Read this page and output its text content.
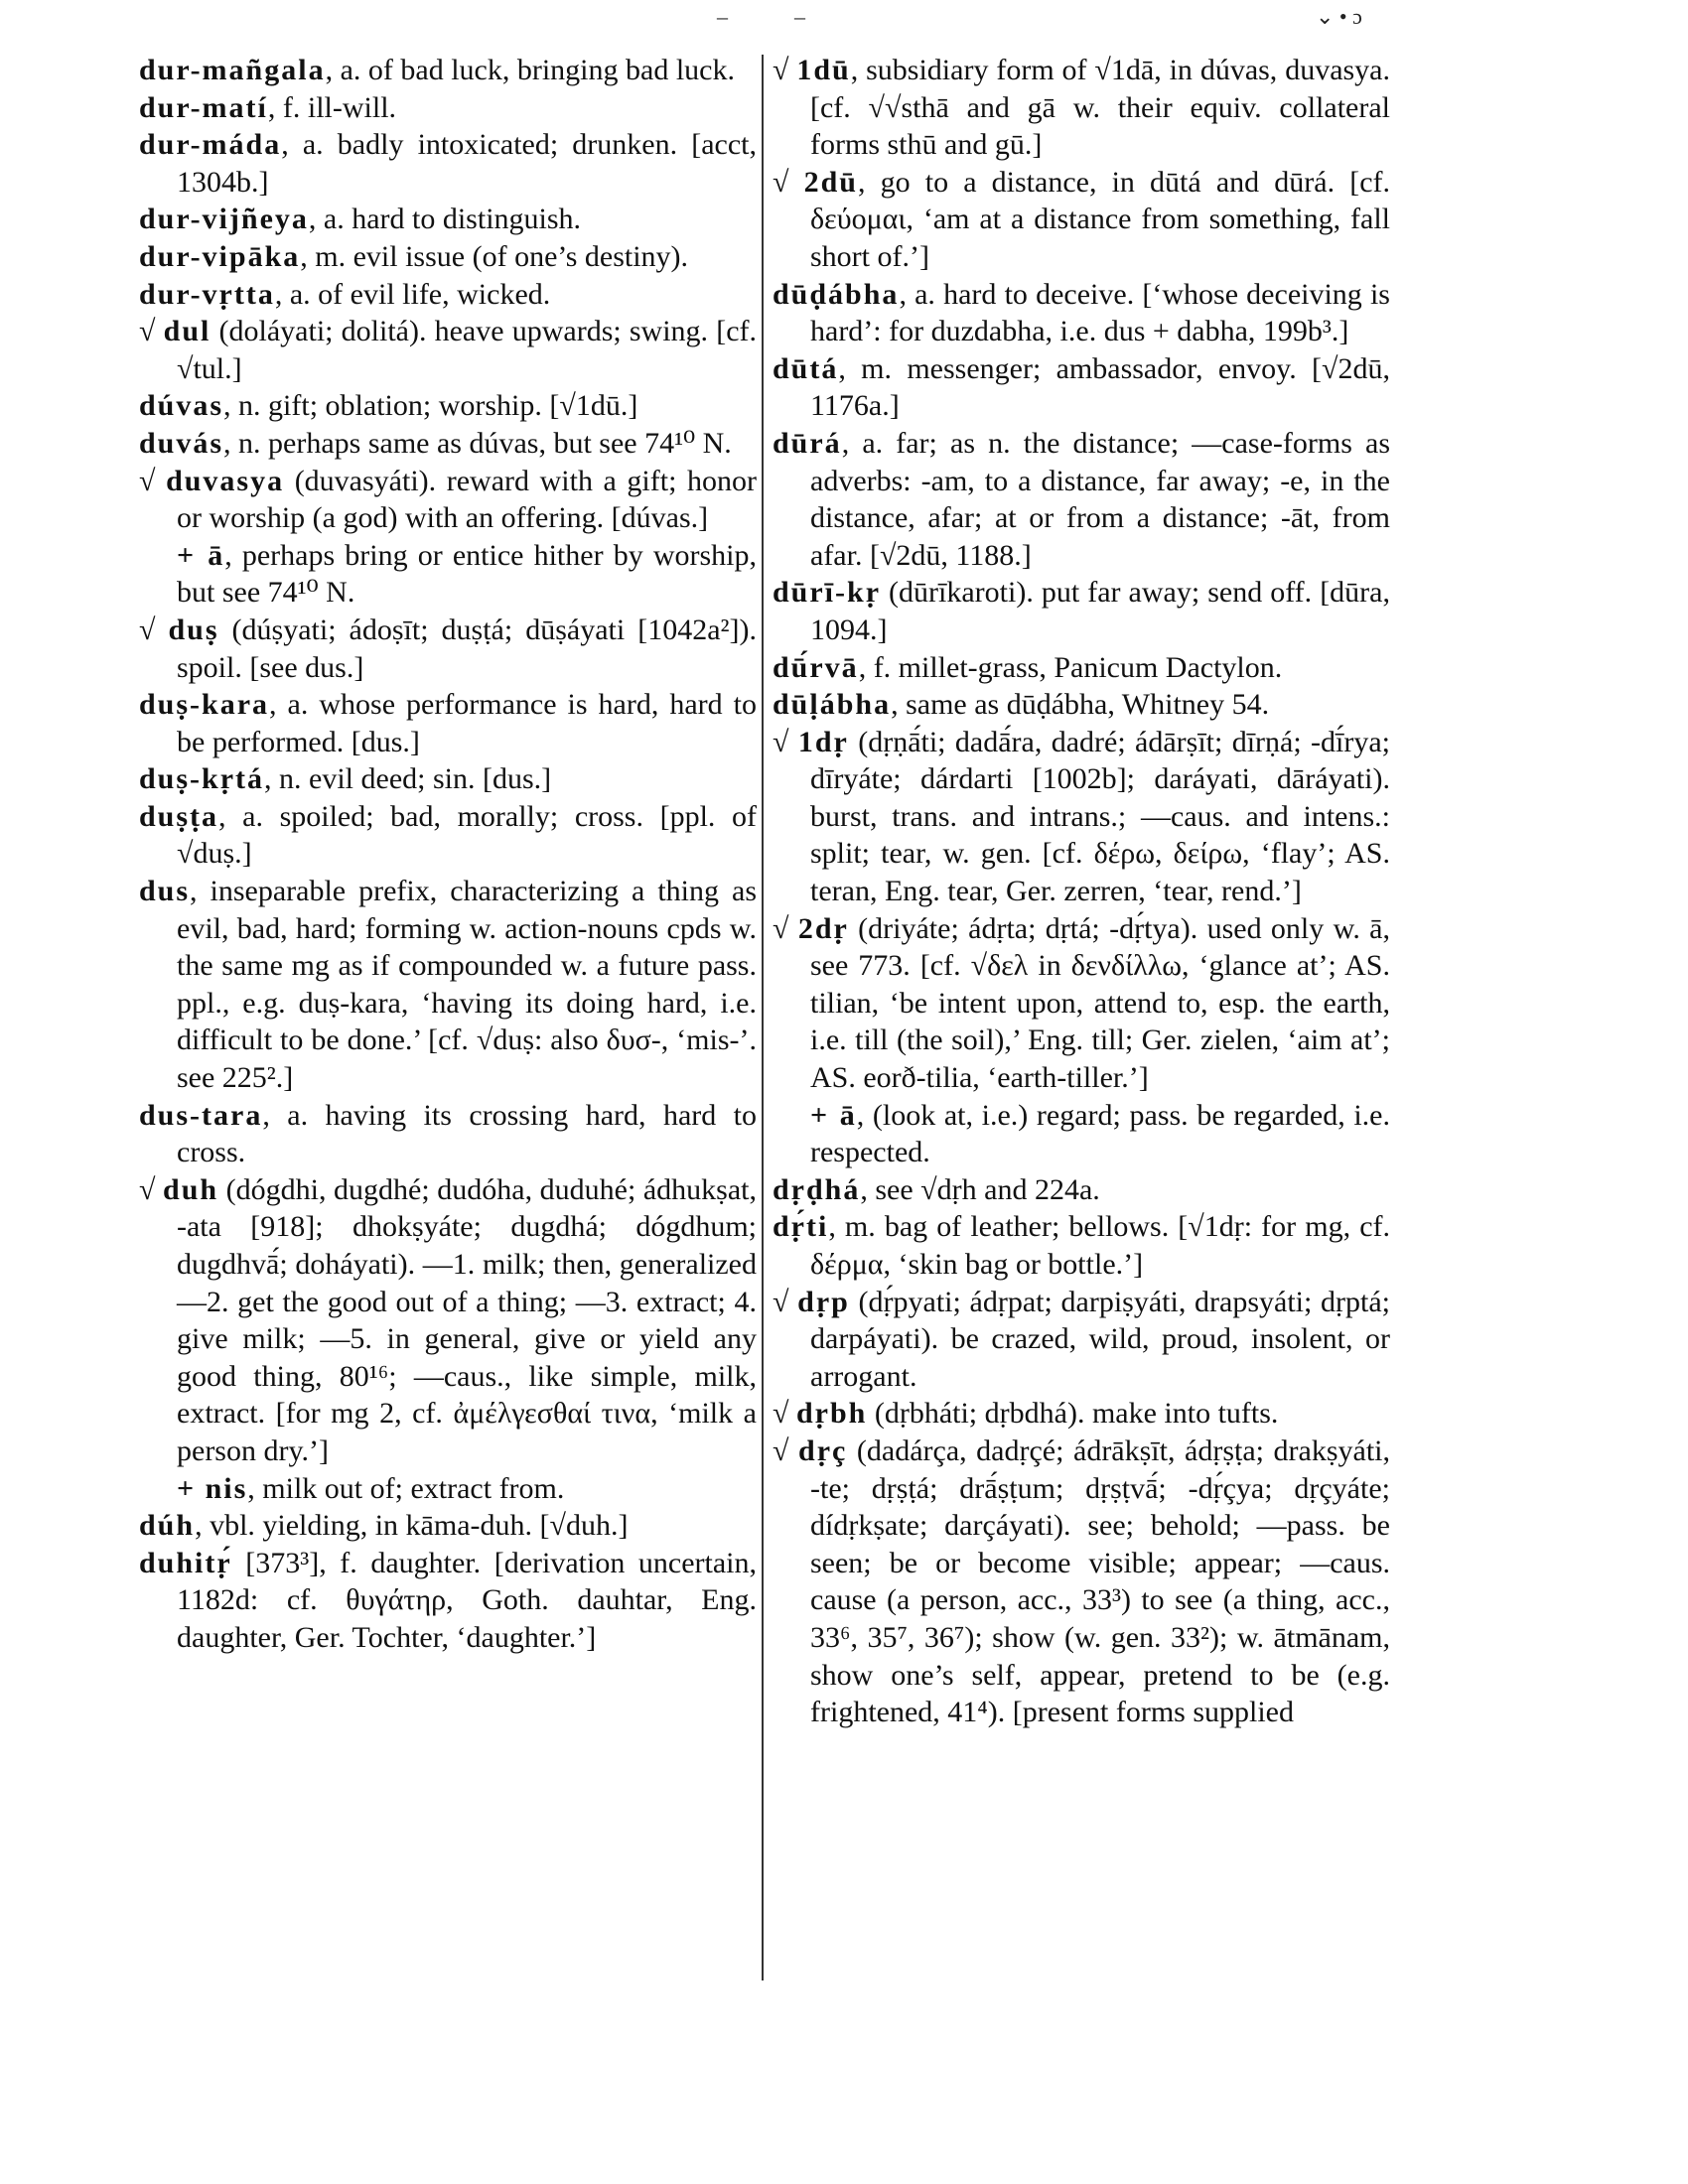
–	–	⌄ • ɔ

dur-mañgala, a. of bad luck, bringing bad luck.

dur-matí, f. ill-will.

dur-máda, a. badly intoxicated; drunken. [acct, 1304b.]

dur-vijñeya, a. hard to distinguish.

dur-vipāka, m. evil issue (of one’s destiny).

dur-vṛtta, a. of evil life, wicked.

√ dul (doláyati; dolitá). heave upwards; swing. [cf. √tul.]

dúvas, n. gift; oblation; worship. [√1dū.]

duvás, n. perhaps same as dúvas, but see 74¹⁰ N.

√ duvasya (duvasyáti). reward with a gift; honor or worship (a god) with an offering. [dúvas.]

+ ā, perhaps bring or entice hither by worship, but see 74¹⁰ N.

√ duṣ (dúṣyati; ádoṣīt; duṣṭá; dūṣáyati [1042a²]). spoil. [see dus.]

duṣ-kara, a. whose performance is hard, hard to be performed. [dus.]

duṣ-kṛtá, n. evil deed; sin. [dus.]

duṣṭa, a. spoiled; bad, morally; cross. [ppl. of √duṣ.]

dus, inseparable prefix, characterizing a thing as evil, bad, hard; forming w. action-nouns cpds w. the same mg as if compounded w. a future pass. ppl., e.g. duṣ-kara, ‘having its doing hard, i.e. difficult to be done.’ [cf. √duṣ: also δυσ-, ‘mis-’. see 225².]

dus-tara, a. having its crossing hard, hard to cross.

√ duh (dógdhi, dugdhé; dudóha, duduhé; ádhukṣat, -ata [918]; dhokṣyáte; dugdhá; dógdhum; dugdhvā́; doháyati). —1. milk; then, generalized —2. get the good out of a thing; —3. extract; 4. give milk; —5. in general, give or yield any good thing, 80¹⁶; —caus., like simple, milk, extract. [for mg 2, cf. ἀμέλγεσθαί τινα, ‘milk a person dry.’]

+ nis, milk out of; extract from.

dúh, vbl. yielding, in kāma-duh. [√duh.]

duhitṛ́ [373³], f. daughter. [derivation uncertain, 1182d: cf. θυγάτηρ, Goth. dauhtar, Eng. daughter, Ger. Tochter, ‘daughter.’]

√ 1dū, subsidiary form of √1dā, in dúvas, duvasya. [cf. √√sthā and gā w. their equiv. collateral forms sthū and gū.]

√ 2dū, go to a distance, in dūtá and dūrá. [cf. δεύομαι, ‘am at a distance from something, fall short of.’]

dūḍábha, a. hard to deceive. [‘whose deceiving is hard’: for duzdabha, i.e. dus + dabha, 199b³.]

dūtá, m. messenger; ambassador, envoy. [√2dū, 1176a.]

dūrá, a. far; as n. the distance; —case-forms as adverbs: -am, to a distance, far away; -e, in the distance, afar; at or from a distance; -āt, from afar. [√2dū, 1188.]

dūrī-kṛ (dūrīkaroti). put far away; send off. [dūra, 1094.]

dū́rvā, f. millet-grass, Panicum Dactylon.

dūḷábha, same as dūḍábha, Whitney 54.

√ 1dṛ (dṛṇā́ti; dadā́ra, dadré; ádārṣīt; dīrṇá; -dī́rya; dīryáte; dárdarti [1002b]; daráyati, dāráyati). burst, trans. and intrans.; —caus. and intens.: split; tear, w. gen. [cf. δέρω, δείρω, ‘flay’; AS. teran, Eng. tear, Ger. zerren, ‘tear, rend.’]

√ 2dṛ (driyáte; ádṛta; dṛtá; -dṛ́tya). used only w. ā, see 773. [cf. √δελ in δενδίλλω, ‘glance at’; AS. tilian, ‘be intent upon, attend to, esp. the earth, i.e. till (the soil),’ Eng. till; Ger. zielen, ‘aim at’; AS. eorð-tilia, ‘earth-tiller.’]

+ ā, (look at, i.e.) regard; pass. be regarded, i.e. respected.

dṛḍhá, see √dṛh and 224a.

dṛ́ti, m. bag of leather; bellows. [√1dṛ: for mg, cf. δέρμα, ‘skin bag or bottle.’]

√ dṛp (dṛ́pyati; ádṛpat; darpiṣyáti, drapsyáti; dṛptá; darpáyati). be crazed, wild, proud, insolent, or arrogant.

√ dṛbh (dṛbháti; dṛbdhá). make into tufts.

√ dṛç (dadárça, dadṛçé; ádrākṣīt, ádṛṣṭa; drakṣyáti, -te; dṛṣṭá; drā́ṣṭum; dṛṣṭvā́; -dṛ́çya; dṛçyáte; dídṛkṣate; darçáyati). see; behold; —pass. be seen; be or become visible; appear; —caus. cause (a person, acc., 33³) to see (a thing, acc., 33⁶, 35⁷, 36⁷); show (w. gen. 33²); w. ātmānam, show one’s self, appear, pretend to be (e.g. frightened, 41⁴). [present forms supplied
